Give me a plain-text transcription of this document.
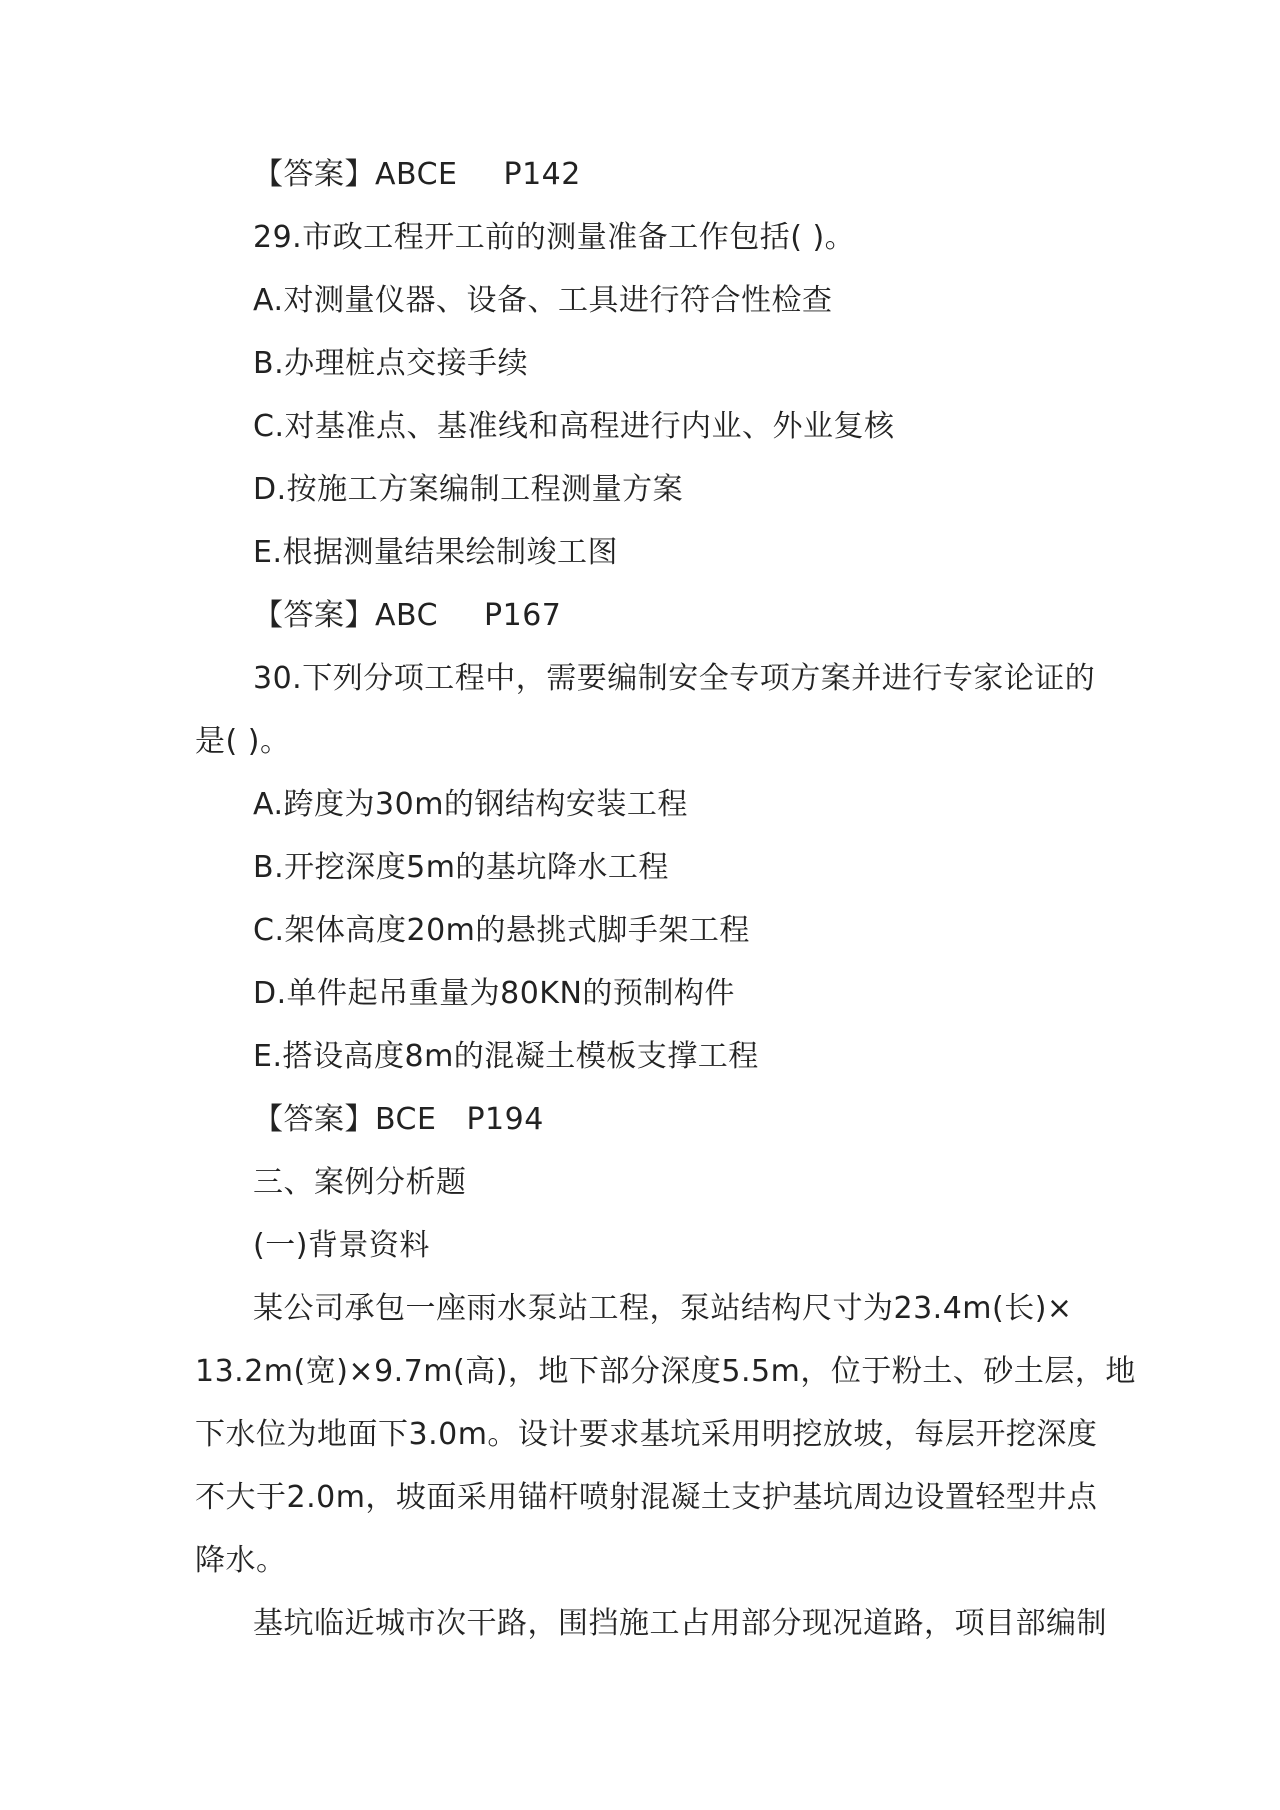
【答案】ABCE P142
29.市政工程开工前的测量准备工作包括( )。
A.对测量仪器、设备、工具进行符合性检查
B.办理桩点交接手续
C.对基准点、基准线和高程进行内业、外业复核
D.按施工方案编制工程测量方案
E.根据测量结果绘制竣工图
【答案】ABC P167
30.下列分项工程中，需要编制安全专项方案并进行专家论证的
是( )。
A.跨度为30m的钢结构安装工程
B.开挖深度5m的基坑降水工程
C.架体高度20m的悬挑式脚手架工程
D.单件起吊重量为80KN的预制构件
E.搭设高度8m的混凝土模板支撑工程
【答案】BCE P194
三、案例分析题
(一)背景资料
某公司承包一座雨水泵站工程，泵站结构尺寸为23.4m(长)×
13.2m(宽)×9.7m(高)，地下部分深度5.5m，位于粉土、砂土层，地
下水位为地面下3.0m。设计要求基坑采用明挖放坡，每层开挖深度
不大于2.0m，坡面采用锚杆喷射混凝土支护基坑周边设置轻型井点
降水。
基坑临近城市次干路，围挡施工占用部分现况道路，项目部编制
